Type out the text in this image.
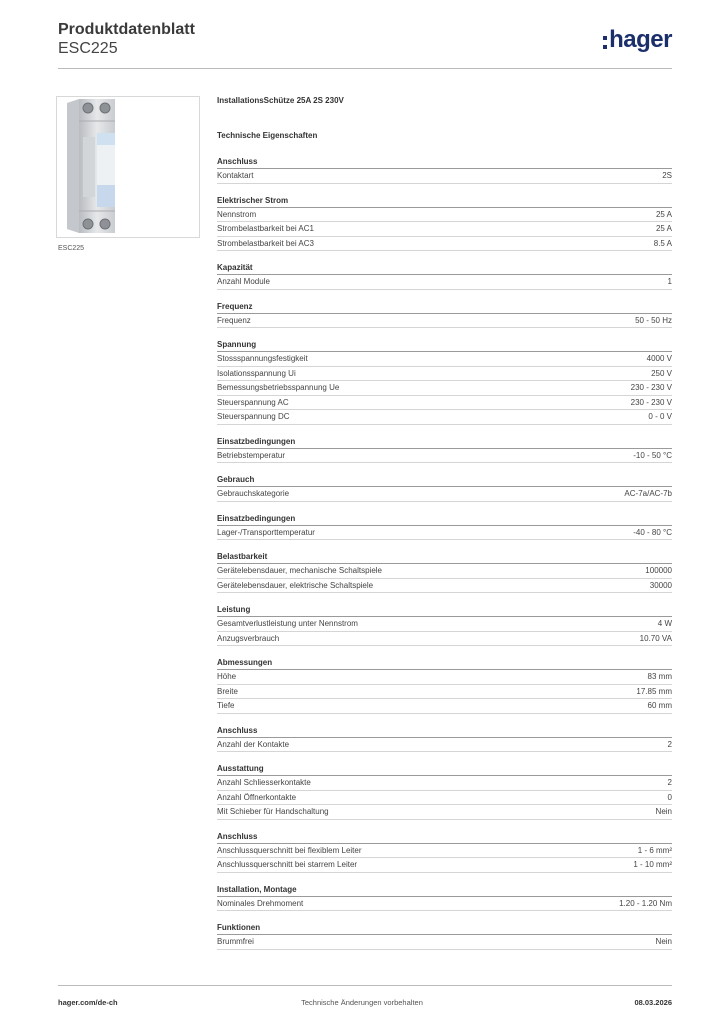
Produktdatenblatt
ESC225	hager
ESC225
InstallationsSchütze 25A 2S 230V
Technische Eigenschaften
Anschluss
Kontaktart	2S
Elektrischer Strom
Nennstrom	25 A
Strombelastbarkeit bei AC1	25 A
Strombelastbarkeit bei AC3	8.5 A
Kapazität
Anzahl Module	1
Frequenz
Frequenz	50 - 50 Hz
Spannung
Stossspannungsfestigkeit	4000 V
Isolationsspannung Ui	250 V
Bemessungsbetriebsspannung Ue	230 - 230 V
Steuerspannung AC	230 - 230 V
Steuerspannung DC	0 - 0 V
Einsatzbedingungen
Betriebstemperatur	-10 - 50 °C
Gebrauch
Gebrauchskategorie	AC-7a/AC-7b
Einsatzbedingungen
Lager-/Transporttemperatur	-40 - 80 °C
Belastbarkeit
Gerätelebensdauer, mechanische Schaltspiele	100000
Gerätelebensdauer, elektrische Schaltspiele	30000
Leistung
Gesamtverlustleistung unter Nennstrom	4 W
Anzugsverbrauch	10.70 VA
Abmessungen
Höhe	83 mm
Breite	17.85 mm
Tiefe	60 mm
Anschluss
Anzahl der Kontakte	2
Ausstattung
Anzahl Schliesserkontakte	2
Anzahl Öffnerkontakte	0
Mit Schieber für Handschaltung	Nein
Anschluss
Anschlussquerschnitt bei flexiblem Leiter	1 - 6 mm²
Anschlussquerschnitt bei starrem Leiter	1 - 10 mm²
Installation, Montage
Nominales Drehmoment	1.20 - 1.20 Nm
Funktionen
Brummfrei	Nein
hager.com/de-ch	Technische Änderungen vorbehalten	08.03.2026
